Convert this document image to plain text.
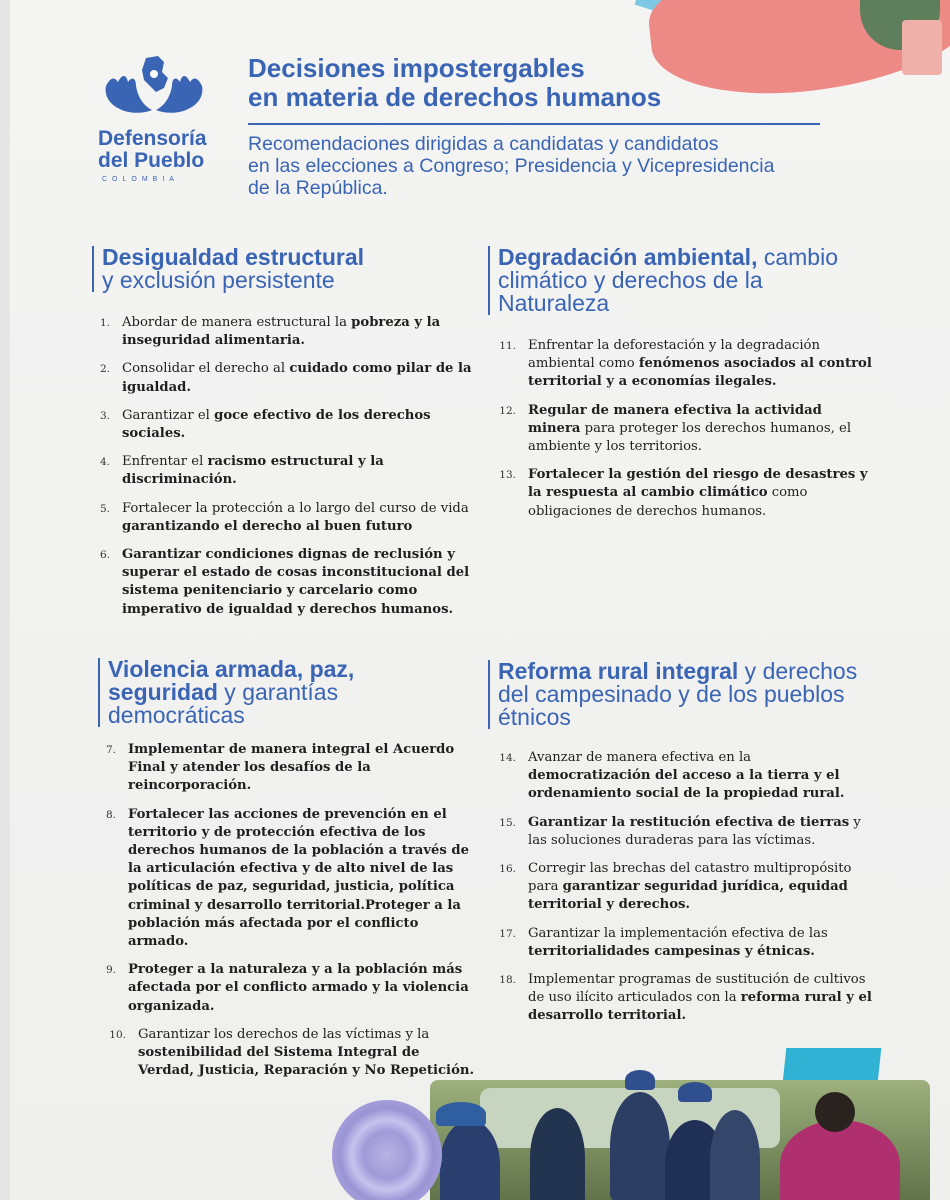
Defensoría
del Pueblo
COLOMBIA
Decisiones impostergables
en materia de derechos humanos
Recomendaciones dirigidas a candidatas y candidatos
en las elecciones a Congreso; Presidencia y Vicepresidencia
de la República.
Desigualdad estructural
y exclusión persistente
1. Abordar de manera estructural la pobreza y la inseguridad alimentaria.
2. Consolidar el derecho al cuidado como pilar de la igualdad.
3. Garantizar el goce efectivo de los derechos sociales.
4. Enfrentar el racismo estructural y la discriminación.
5. Fortalecer la protección a lo largo del curso de vida garantizando el derecho al buen futuro
6. Garantizar condiciones dignas de reclusión y superar el estado de cosas inconstitucional del sistema penitenciario y carcelario como imperativo de igualdad y derechos humanos.
Degradación ambiental, cambio climático y derechos de la Naturaleza
11. Enfrentar la deforestación y la degradación ambiental como fenómenos asociados al control territorial y a economías ilegales.
12. Regular de manera efectiva la actividad minera para proteger los derechos humanos, el ambiente y los territorios.
13. Fortalecer la gestión del riesgo de desastres y la respuesta al cambio climático como obligaciones de derechos humanos.
Violencia armada, paz,
seguridad y garantías
democráticas
7. Implementar de manera integral el Acuerdo Final y atender los desafíos de la reincorporación.
8. Fortalecer las acciones de prevención en el territorio y de protección efectiva de los derechos humanos de la población a través de la articulación efectiva y de alto nivel de las políticas de paz, seguridad, justicia, política criminal y desarrollo territorial.Proteger a la población más afectada por el conflicto armado.
9. Proteger a la naturaleza y a la población más afectada por el conflicto armado y la violencia organizada.
10. Garantizar los derechos de las víctimas y la sostenibilidad del Sistema Integral de Verdad, Justicia, Reparación y No Repetición.
Reforma rural integral y derechos del campesinado y de los pueblos étnicos
14. Avanzar de manera efectiva en la democratización del acceso a la tierra y el ordenamiento social de la propiedad rural.
15. Garantizar la restitución efectiva de tierras y las soluciones duraderas para las víctimas.
16. Corregir las brechas del catastro multipropósito para garantizar seguridad jurídica, equidad territorial y derechos.
17. Garantizar la implementación efectiva de las territorialidades campesinas y étnicas.
18. Implementar programas de sustitución de cultivos de uso ilícito articulados con la reforma rural y el desarrollo territorial.
